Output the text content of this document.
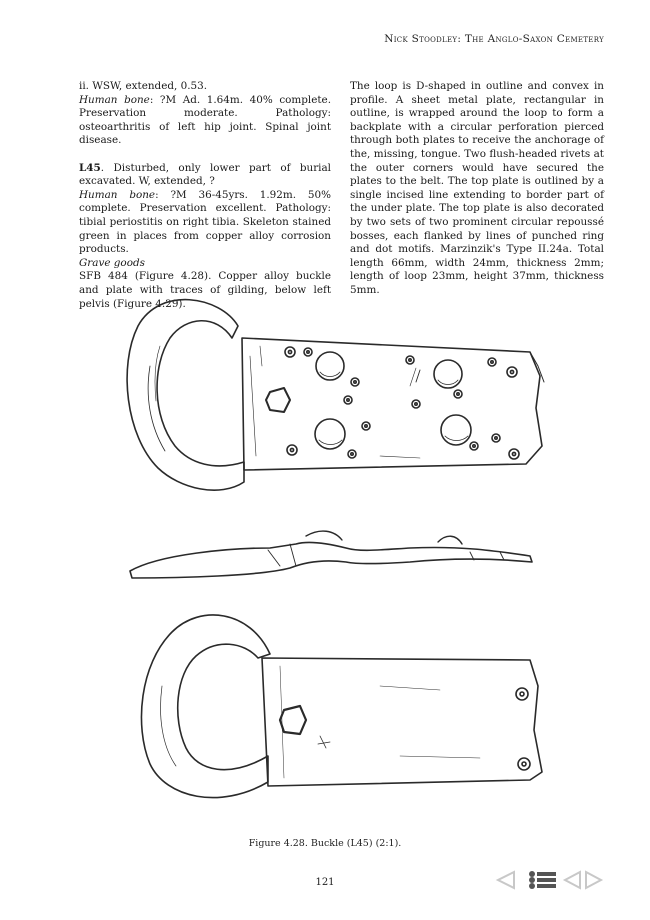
Nick Stoodley: The Anglo-Saxon Cemetery

ii. WSW, extended, 0.53.
Human bone: ?M Ad. 1.64m. 40% complete. Preservation moderate. Pathology: osteoarthritis of left hip joint. Spinal joint disease.

L45. Disturbed, only lower part of burial excavated. W, extended, ?
Human bone: ?M 36-45yrs. 1.92m. 50% complete. Preservation excellent. Pathology: tibial periostitis on right tibia. Skeleton stained green in places from copper alloy corrosion products.
Grave goods
SFB 484 (Figure 4.28). Copper alloy buckle and plate with traces of gilding, below left pelvis (Figure 4.29).

The loop is D-shaped in outline and convex in profile. A sheet metal plate, rectangular in outline, is wrapped around the loop to form a backplate with a circular perforation pierced through both plates to receive the anchorage of the, missing, tongue. Two flush-headed rivets at the outer corners would have secured the plates to the belt. The top plate is outlined by a single incised line extending to border part of the under plate. The top plate is also decorated by two sets of two prominent circular repoussé bosses, each flanked by lines of punched ring and dot motifs. Marzinzik's Type II.24a. Total length 66mm, width 24mm, thickness 2mm; length of loop 23mm, height 37mm, thickness 5mm.

Figure 4.28. Buckle (L45) (2:1).
121
